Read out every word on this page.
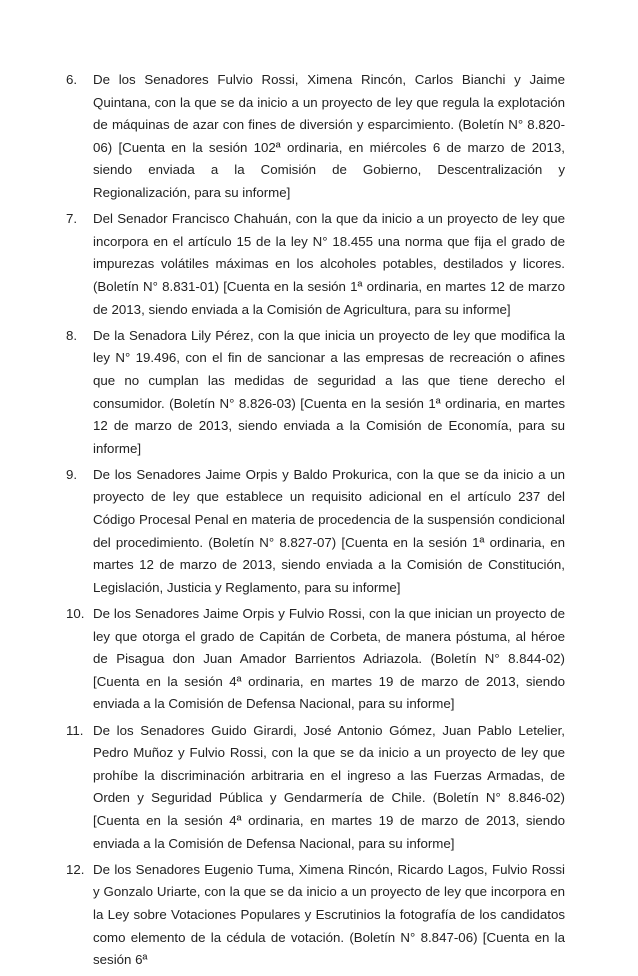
6.	De los Senadores Fulvio Rossi, Ximena Rincón, Carlos Bianchi y Jaime Quintana, con la que se da inicio a un proyecto de ley que regula la explotación de máquinas de azar con fines de diversión y esparcimiento. (Boletín N° 8.820-06) [Cuenta en la sesión 102ª ordinaria, en miércoles 6 de marzo de 2013, siendo enviada a la Comisión de Gobierno, Descentralización y Regionalización, para su informe]
7.	Del Senador Francisco Chahuán, con la que da inicio a un proyecto de ley que incorpora en el artículo 15 de la ley N° 18.455 una norma que fija el grado de impurezas volátiles máximas en los alcoholes potables, destilados y licores. (Boletín N° 8.831-01) [Cuenta en la sesión 1ª ordinaria, en martes 12 de marzo de 2013, siendo enviada a la Comisión de Agricultura, para su informe]
8.	De la Senadora Lily Pérez, con la que inicia un proyecto de ley que modifica la ley N° 19.496, con el fin de sancionar a las empresas de recreación o afines que no cumplan las medidas de seguridad a las que tiene derecho el consumidor. (Boletín N° 8.826-03) [Cuenta en la sesión 1ª ordinaria, en martes 12 de marzo de 2013, siendo enviada a la Comisión de Economía, para su informe]
9.	De los Senadores Jaime Orpis y Baldo Prokurica, con la que se da inicio a un proyecto de ley que establece un requisito adicional en el artículo 237 del Código Procesal Penal en materia de procedencia de la suspensión condicional del procedimiento. (Boletín N° 8.827-07) [Cuenta en la sesión 1ª ordinaria, en martes 12 de marzo de 2013, siendo enviada a la Comisión de Constitución, Legislación, Justicia y Reglamento, para su informe]
10. De los Senadores Jaime Orpis y Fulvio Rossi, con la que inician un proyecto de ley que otorga el grado de Capitán de Corbeta, de manera póstuma, al héroe de Pisagua don Juan Amador Barrientos Adriazola. (Boletín N° 8.844-02) [Cuenta en la sesión 4ª ordinaria, en martes 19 de marzo de 2013, siendo enviada a la Comisión de Defensa Nacional, para su informe]
11. De los Senadores Guido Girardi, José Antonio Gómez, Juan Pablo Letelier, Pedro Muñoz y Fulvio Rossi, con la que se da inicio a un proyecto de ley que prohíbe la discriminación arbitraria en el ingreso a las Fuerzas Armadas, de Orden y Seguridad Pública y Gendarmería de Chile. (Boletín N° 8.846-02) [Cuenta en la sesión 4ª ordinaria, en martes 19 de marzo de 2013, siendo enviada a la Comisión de Defensa Nacional, para su informe]
12. De los Senadores Eugenio Tuma, Ximena Rincón, Ricardo Lagos, Fulvio Rossi y Gonzalo Uriarte, con la que se da inicio a un proyecto de ley que incorpora en la Ley sobre Votaciones Populares y Escrutinios la fotografía de los candidatos como elemento de la cédula de votación. (Boletín N° 8.847-06) [Cuenta en la sesión 6ª
